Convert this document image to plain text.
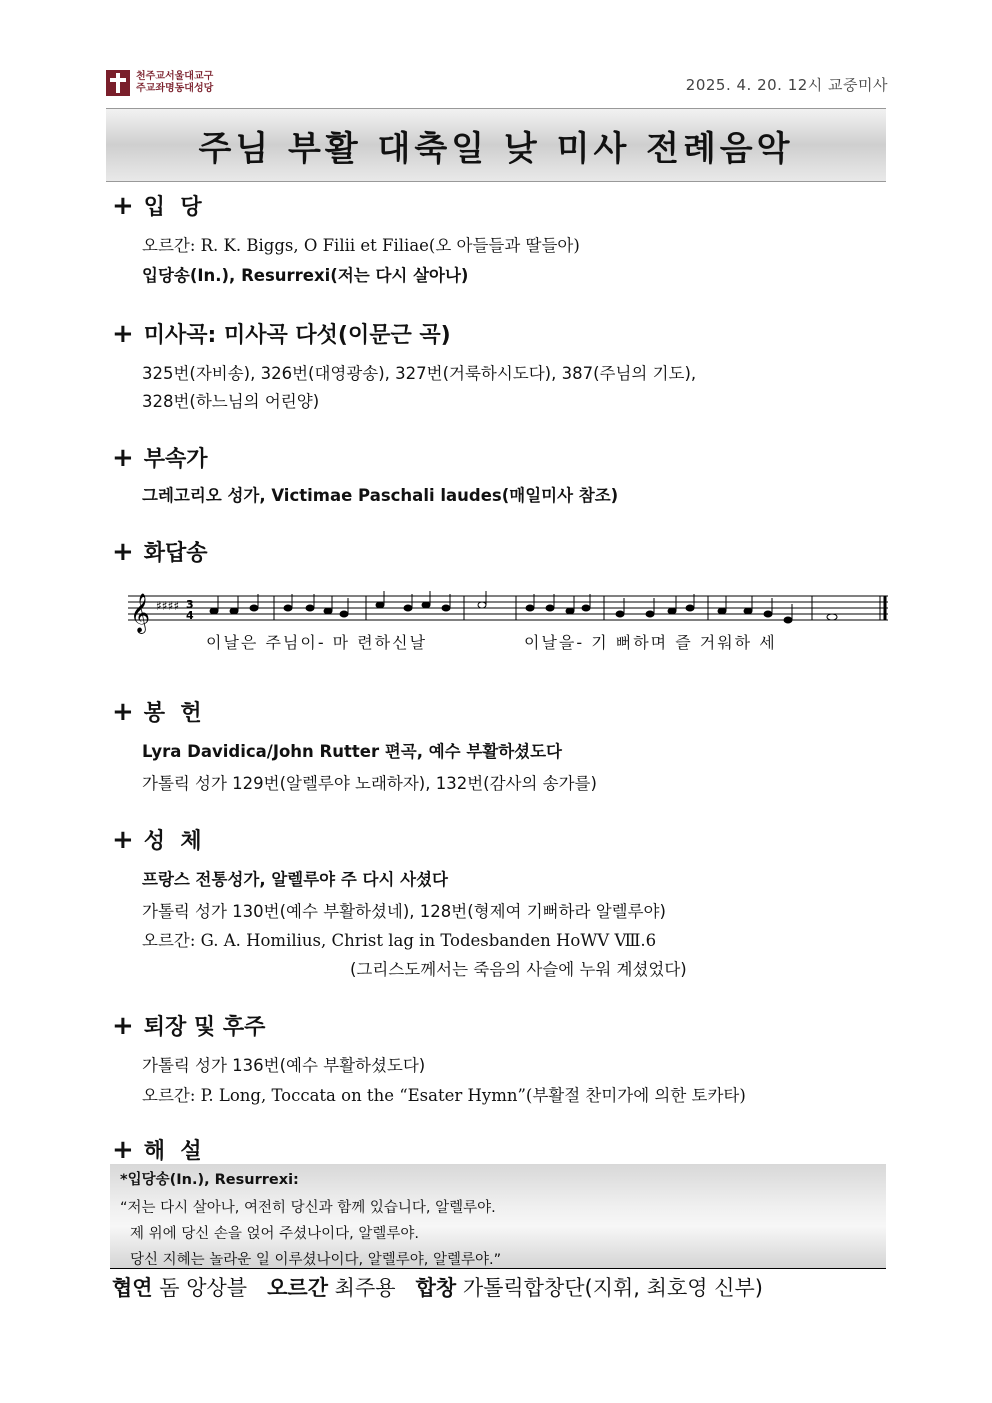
천주교서울대교구
주교좌명동대성당	2025. 4. 20. 12시 교중미사
주님 부활 대축일 낮 미사 전례음악
+ 입  당
오르간: R. K. Biggs, O Filii et Filiae(오 아들들과 딸들아)
입당송(In.), Resurrexi(저는 다시 살아나)
+ 미사곡: 미사곡 다섯(이문근 곡)
325번(자비송), 326번(대영광송), 327번(거룩하시도다), 387(주님의 기도),
328번(하느님의 어린양)
+ 부속가
그레고리오 성가, Victimae Paschali laudes(매일미사 참조)
+ 화답송
𝄞 ♯♯♯♯ 3
4
이날은 주님이- 마 련하신날	이날을- 기 뻐하며 즐 거워하 세
+ 봉  헌
Lyra Davidica/John Rutter 편곡, 예수 부활하셨도다
가톨릭 성가 129번(알렐루야 노래하자), 132번(감사의 송가를)
+ 성  체
프랑스 전통성가, 알렐루야 주 다시 사셨다
가톨릭 성가 130번(예수 부활하셨네), 128번(형제여 기뻐하라 알렐루야)
오르간: G. A. Homilius, Christ lag in Todesbanden HoWV Ⅷ.6
(그리스도께서는 죽음의 사슬에 누워 계셨었다)
+ 퇴장 및 후주
가톨릭 성가 136번(예수 부활하셨도다)
오르간: P. Long, Toccata on the “Esater Hymn”(부활절 찬미가에 의한 토카타)
+ 해  설
*입당송(In.), Resurrexi:
“저는 다시 살아나, 여전히 당신과 함께 있습니다, 알렐루야.
제 위에 당신 손을 얹어 주셨나이다, 알렐루야.
당신 지혜는 놀라운 일 이루셨나이다, 알렐루야, 알렐루야.”
협연 돔 앙상블 오르간 최주용 합창 가톨릭합창단(지휘, 최호영 신부)
